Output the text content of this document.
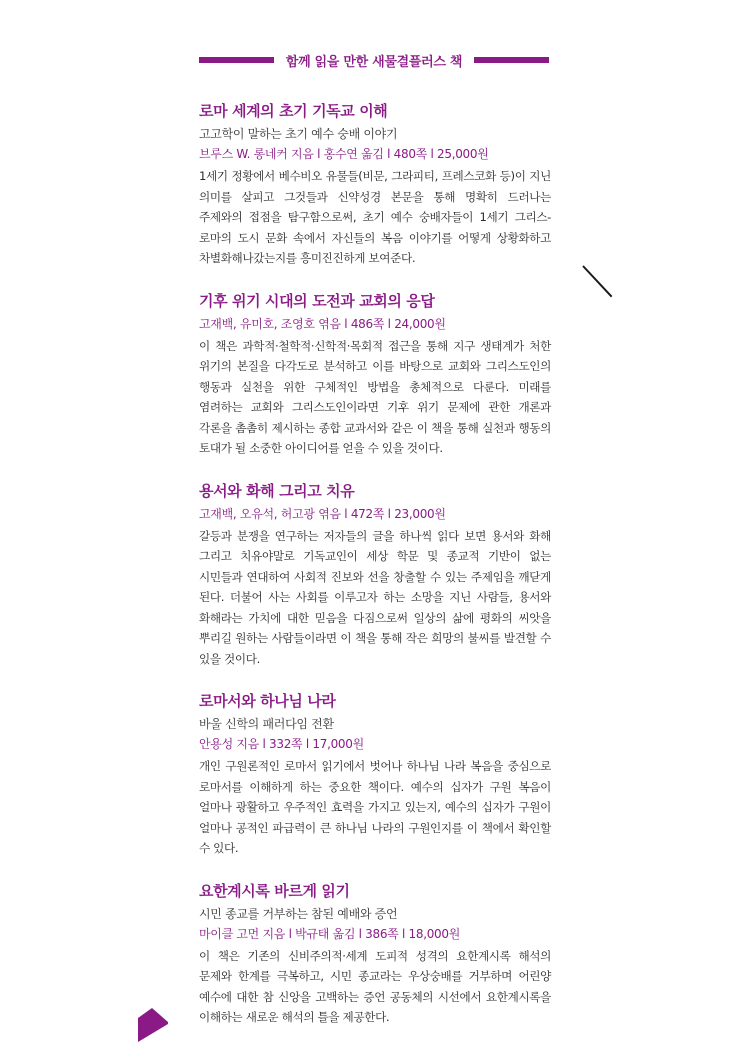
함께 읽을 만한 새물결플러스 책
로마 세계의 초기 기독교 이해
고고학이 말하는 초기 예수 숭배 이야기
브루스 W. 롱네커 지음 l 홍수연 옮김 l 480쪽 l 25,000원
1세기 정황에서 베수비오 유물들(비문, 그라피티, 프레스코화 등)이 지닌 의미를 살피고 그것들과 신약성경 본문을 통해 명확히 드러나는 주제와의 접점을 탐구함으로써, 초기 예수 숭배자들이 1세기 그리스-로마의 도시 문화 속에서 자신들의 복음 이야기를 어떻게 상황화하고 차별화해나갔는지를 흥미진진하게 보여준다.
기후 위기 시대의 도전과 교회의 응답
고재백, 유미호, 조영호 엮음 l 486쪽 l 24,000원
이 책은 과학적·철학적·신학적·목회적 접근을 통해 지구 생태계가 처한 위기의 본질을 다각도로 분석하고 이를 바탕으로 교회와 그리스도인의 행동과 실천을 위한 구체적인 방법을 총체적으로 다룬다. 미래를 염려하는 교회와 그리스도인이라면 기후 위기 문제에 관한 개론과 각론을 촘촘히 제시하는 종합 교과서와 같은 이 책을 통해 실천과 행동의 토대가 될 소중한 아이디어를 얻을 수 있을 것이다.
용서와 화해 그리고 치유
고재백, 오유석, 허고광 엮음 l 472쪽 l 23,000원
갈등과 분쟁을 연구하는 저자들의 글을 하나씩 읽다 보면 용서와 화해 그리고 치유야말로 기독교인이 세상 학문 및 종교적 기반이 없는 시민들과 연대하여 사회적 진보와 선을 창출할 수 있는 주제임을 깨닫게 된다. 더불어 사는 사회를 이루고자 하는 소망을 지닌 사람들, 용서와 화해라는 가치에 대한 믿음을 다짐으로써 일상의 삶에 평화의 씨앗을 뿌리길 원하는 사람들이라면 이 책을 통해 작은 희망의 불씨를 발견할 수 있을 것이다.
로마서와 하나님 나라
바울 신학의 패러다임 전환
안용성 지음 l 332쪽 l 17,000원
개인 구원론적인 로마서 읽기에서 벗어나 하나님 나라 복음을 중심으로 로마서를 이해하게 하는 중요한 책이다. 예수의 십자가 구원 복음이 얼마나 광활하고 우주적인 효력을 가지고 있는지, 예수의 십자가 구원이 얼마나 공적인 파급력이 큰 하나님 나라의 구원인지를 이 책에서 확인할 수 있다.
요한계시록 바르게 읽기
시민 종교를 거부하는 참된 예배와 증언
마이클 고먼 지음 l 박규태 옮김 l 386쪽 l 18,000원
이 책은 기존의 신비주의적·세계 도피적 성격의 요한계시록 해석의 문제와 한계를 극복하고, 시민 종교라는 우상숭배를 거부하며 어린양 예수에 대한 참 신앙을 고백하는 증언 공동체의 시선에서 요한계시록을 이해하는 새로운 해석의 틀을 제공한다.
